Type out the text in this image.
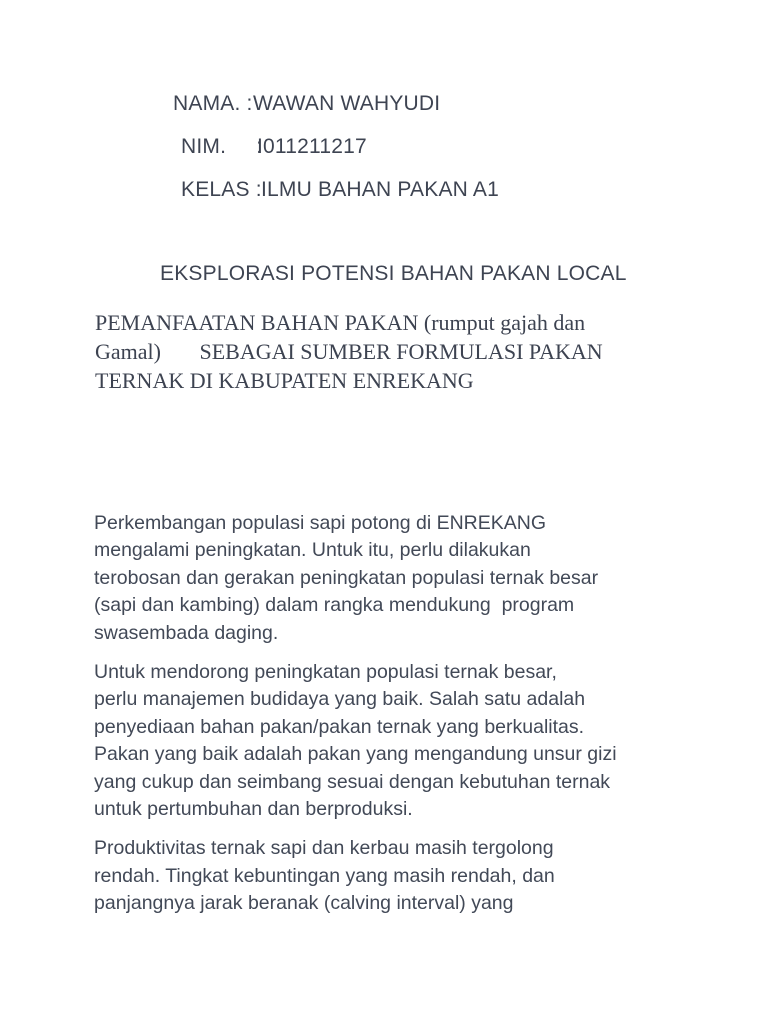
NAMA. :WAWAN WAHYUDI
NIM.     :I011211217
KELAS :ILMU BAHAN PAKAN A1
EKSPLORASI POTENSI BAHAN PAKAN LOCAL
PEMANFAATAN BAHAN PAKAN (rumput gajah dan
Gamal)       SEBAGAI SUMBER FORMULASI PAKAN
TERNAK DI KABUPATEN ENREKANG

Perkembangan populasi sapi potong di ENREKANG
mengalami peningkatan. Untuk itu, perlu dilakukan
terobosan dan gerakan peningkatan populasi ternak besar
(sapi dan kambing) dalam rangka mendukung  program
swasembada daging.

Untuk mendorong peningkatan populasi ternak besar,
perlu manajemen budidaya yang baik. Salah satu adalah
penyediaan bahan pakan/pakan ternak yang berkualitas.
Pakan yang baik adalah pakan yang mengandung unsur gizi
yang cukup dan seimbang sesuai dengan kebutuhan ternak
untuk pertumbuhan dan berproduksi.

Produktivitas ternak sapi dan kerbau masih tergolong
rendah. Tingkat kebuntingan yang masih rendah, dan
panjangnya jarak beranak (calving interval) yang
